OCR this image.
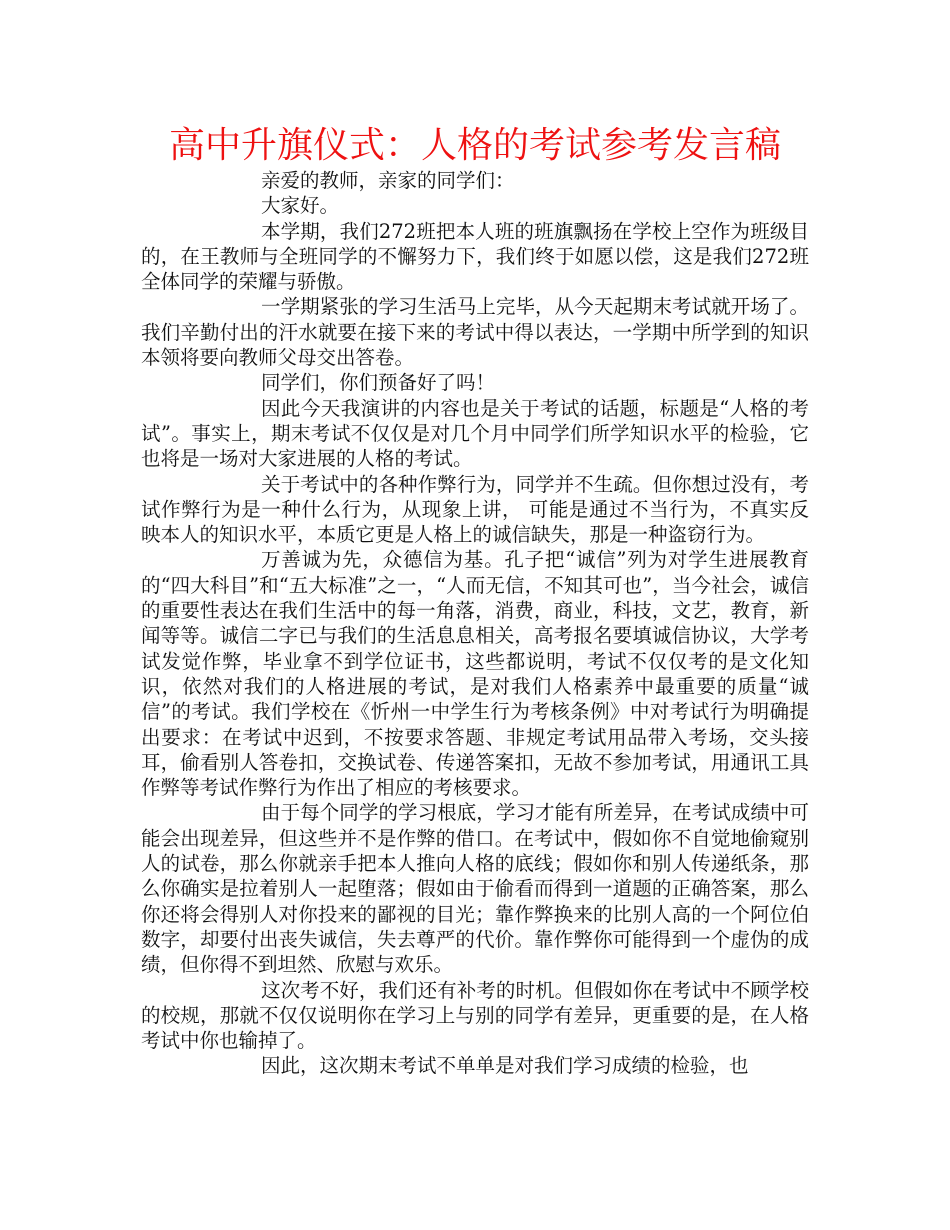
高中升旗仪式：人格的考试参考发言稿

亲爱的教师，亲家的同学们：

大家好。

本学期，我们272班把本人班的班旗飘扬在学校上空作为班级目的，在王教师与全班同学的不懈努力下，我们终于如愿以偿，这是我们272班全体同学的荣耀与骄傲。

一学期紧张的学习生活马上完毕，从今天起期末考试就开场了。我们辛勤付出的汗水就要在接下来的考试中得以表达，一学期中所学到的知识本领将要向教师父母交出答卷。

同学们，你们预备好了吗！

因此今天我演讲的内容也是关于考试的话题，标题是“人格的考试”。事实上，期末考试不仅仅是对几个月中同学们所学知识水平的检验，它也将是一场对大家进展的人格的考试。

关于考试中的各种作弊行为，同学并不生疏。但你想过没有，考试作弊行为是一种什么行为，从现象上讲， 可能是通过不当行为，不真实反映本人的知识水平，本质它更是人格上的诚信缺失，那是一种盗窃行为。

万善诚为先，众德信为基。孔子把“诚信”列为对学生进展教育的“四大科目”和“五大标准”之一，“人而无信，不知其可也”，当今社会，诚信的重要性表达在我们生活中的每一角落，消费，商业，科技，文艺，教育，新闻等等。诚信二字已与我们的生活息息相关，高考报名要填诚信协议，大学考试发觉作弊，毕业拿不到学位证书，这些都说明，考试不仅仅考的是文化知识，依然对我们的人格进展的考试，是对我们人格素养中最重要的质量“诚信”的考试。我们学校在《忻州一中学生行为考核条例》中对考试行为明确提出要求：在考试中迟到，不按要求答题、非规定考试用品带入考场，交头接耳，偷看别人答卷扣，交换试卷、传递答案扣，无故不参加考试，用通讯工具作弊等考试作弊行为作出了相应的考核要求。

由于每个同学的学习根底，学习才能有所差异，在考试成绩中可能会出现差异，但这些并不是作弊的借口。在考试中，假如你不自觉地偷窥别人的试卷，那么你就亲手把本人推向人格的底线；假如你和别人传递纸条，那么你确实是拉着别人一起堕落；假如由于偷看而得到一道题的正确答案，那么你还将会得别人对你投来的鄙视的目光；靠作弊换来的比别人高的一个阿位伯数字，却要付出丧失诚信，失去尊严的代价。靠作弊你可能得到一个虚伪的成绩，但你得不到坦然、欣慰与欢乐。

这次考不好，我们还有补考的时机。但假如你在考试中不顾学校的校规，那就不仅仅说明你在学习上与别的同学有差异，更重要的是，在人格考试中你也输掉了。

因此，这次期末考试不单单是对我们学习成绩的检验，也
